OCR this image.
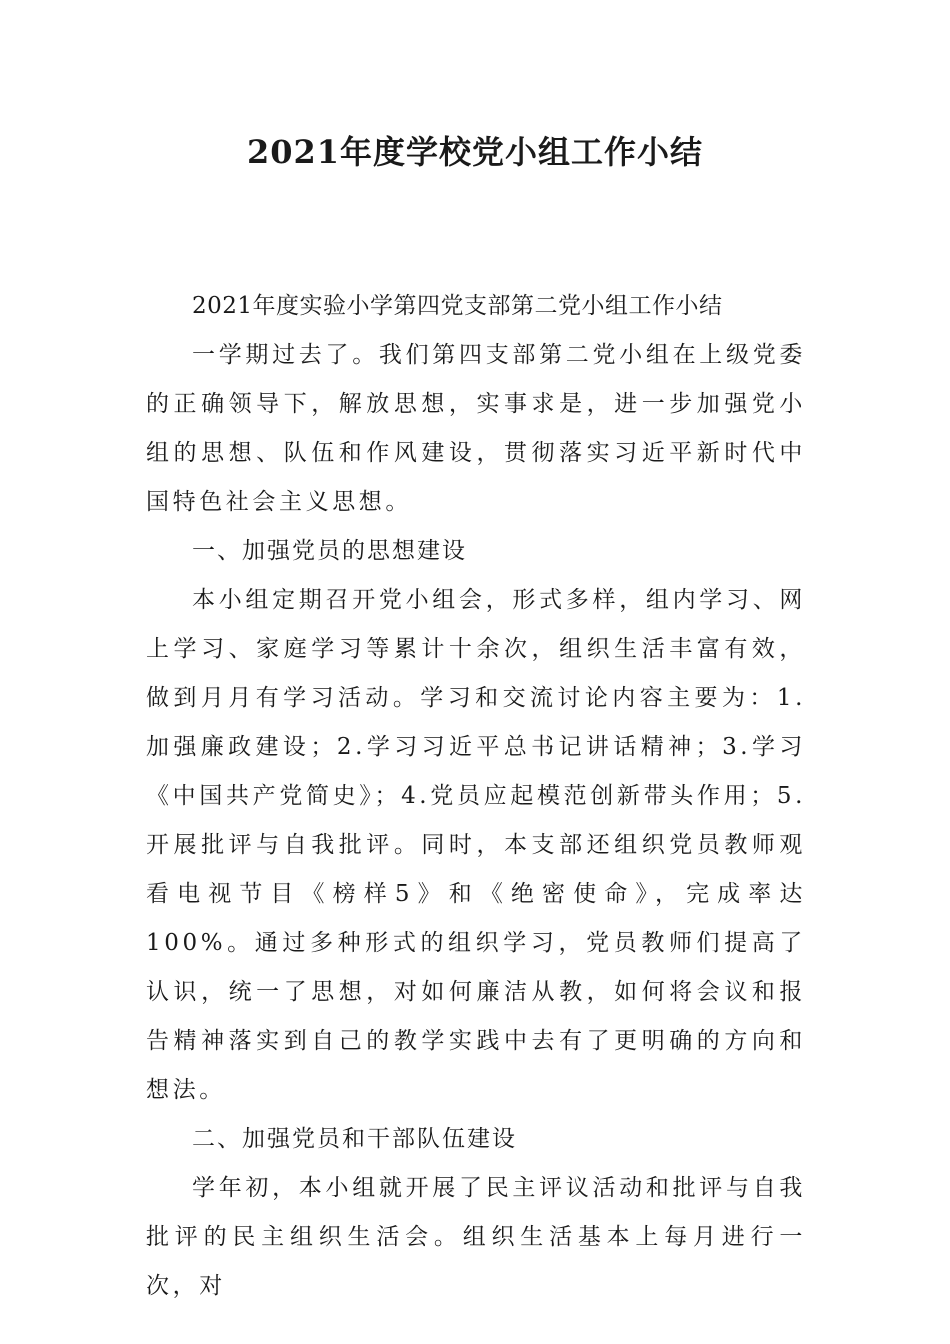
2021年度学校党小组工作小结

2021年度实验小学第四党支部第二党小组工作小结

一学期过去了。我们第四支部第二党小组在上级党委的正确领导下，解放思想，实事求是，进一步加强党小组的思想、队伍和作风建设，贯彻落实习近平新时代中国特色社会主义思想。

一、加强党员的思想建设

本小组定期召开党小组会，形式多样，组内学习、网上学习、家庭学习等累计十余次，组织生活丰富有效，做到月月有学习活动。学习和交流讨论内容主要为：1.加强廉政建设；2.学习习近平总书记讲话精神；3.学习《中国共产党简史》；4.党员应起模范创新带头作用；5.开展批评与自我批评。同时，本支部还组织党员教师观看电视节目《榜样5》和《绝密使命》，完成率达100%。通过多种形式的组织学习，党员教师们提高了认识，统一了思想，对如何廉洁从教，如何将会议和报告精神落实到自己的教学实践中去有了更明确的方向和想法。

二、加强党员和干部队伍建设

学年初，本小组就开展了民主评议活动和批评与自我批评的民主组织生活会。组织生活基本上每月进行一次，对
